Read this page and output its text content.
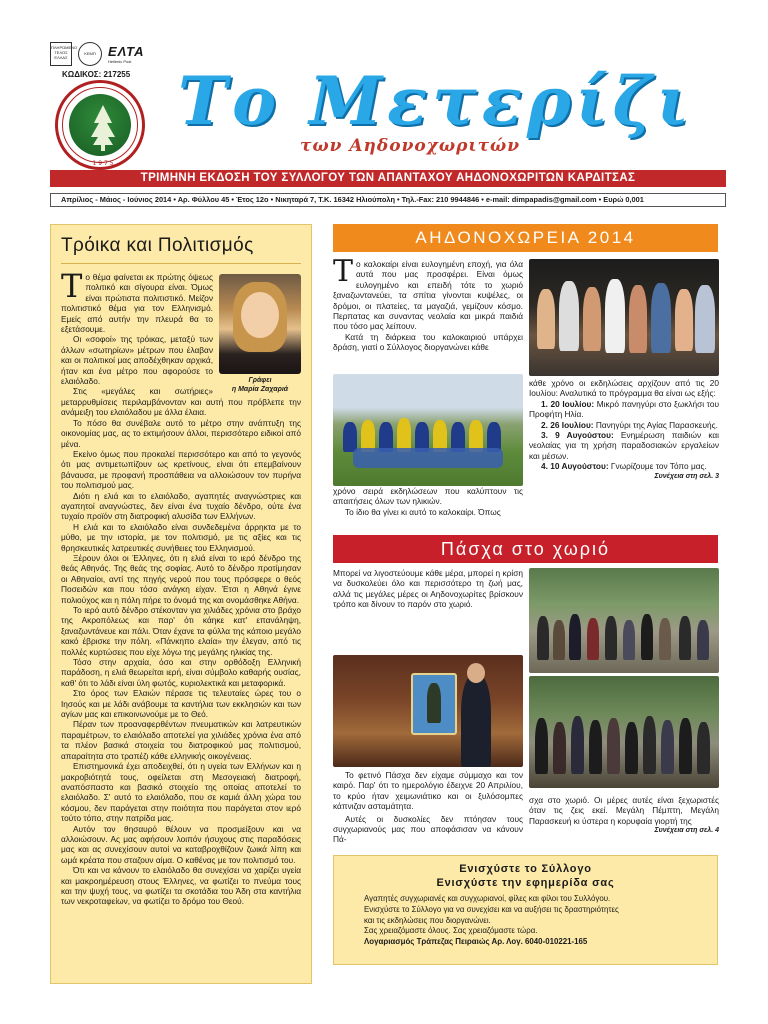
ΠΛΗΡΩΜΕΝΟ ΤΕΛΟΣ ΕΛΛΑΣ
ΚΕΜΠ ΕΛΤΑ
Hellenic Post
ΚΩΔΙΚΟΣ: 217255
1 9 7 5
Το Μετερίζι
των Αηδονοχωριτών
ΤΡΙΜΗΝΗ ΕΚΔΟΣΗ ΤΟΥ ΣΥΛΛΟΓΟΥ ΤΩΝ ΑΠΑΝΤΑΧΟΥ ΑΗΔΟΝΟΧΩΡΙΤΩΝ ΚΑΡΔΙΤΣΑΣ
Απρίλιος - Μάιος - Ιούνιος 2014 • Αρ. Φύλλου 45 • Έτος 12ο • Νικηταρά 7, Τ.Κ. 16342 Ηλιούπολη • Τηλ.-Fax: 210 9944846 • e-mail: dimpapadis@gmail.com • Ευρώ 0,001
Τρόικα και Πολιτισμός
Γράφει
η Μαρία Ζαχαριά
Τ ο θέμα φαίνεται εκ πρώτης όψεως πολιτικό και σίγουρα είναι. Όμως είναι πρώτιστα πολιτιστικό. Μείζον πολιτιστικό θέμα για τον Ελληνισμό. Εμείς από αυτήν την πλευρά θα το εξετάσουμε.

Οι «σοφοί» της τρόικας, μεταξύ των άλλων «σωτηρίων» μέτρων που έλαβαν και οι πολιτικοί μας αποδέχθηκαν αρχικά, ήταν και ένα μέτρο που αφορούσε το ελαιόλαδο.

Στις «μεγάλες και σωτήριες» μεταρρυθμίσεις περιλαμβάνονταν και αυτή που πρόβλεπε την ανάμειξη του ελαιόλαδου με άλλα έλαια.

Το πόσο θα συνέβαλε αυτό το μέτρο στην ανάπτυξη της οικονομίας μας, ας το εκτιμήσουν άλλοι, περισσότερο ειδικοί από μένα.

Εκείνο όμως που προκαλεί περισσότερο και από το γεγονός ότι μας αντιμετωπίζουν ως κρετίνους, είναι ότι επεμβαίνουν βάναυσα, με προφανή προσπάθεια να αλλοιώσουν τον πυρήνα του πολιτισμού μας.

Διότι η ελιά και το ελαιόλαδο, αγαπητές αναγνώστριες και αγαπητοί αναγνώστες, δεν είναι ένα τυχαίο δένδρο, ούτε ένα τυχαίο προϊόν στη διατροφική αλυσίδα των Ελλήνων.

Η ελιά και το ελαιόλαδο είναι συνδεδεμένα άρρηκτα με το μύθο, με την ιστορία, με τον πολιτισμό, με τις αξίες και τις θρησκευτικές λατρευτικές συνήθειες του Ελληνισμού.

Ξέρουν όλοι οι Έλληνες, ότι η ελιά είναι το ιερό δένδρο της θεάς Αθηνάς. Της θεάς της σοφίας. Αυτό το δένδρο προτίμησαν οι Αθηναίοι, αντί της πηγής νερού που τους πρόσφερε ο θεός Ποσειδών και που τόσο ανάγκη είχαν. Έτσι η Αθηνά έγινε πολιούχος και η πόλη πήρε το όνομά της και ονομάσθηκε Αθήνα.

Το ιερό αυτό δένδρο στέκονταν για χιλιάδες χρόνια στο βράχο της Ακροπόλεως και παρ' ότι κάηκε κατ' επανάληψη, ξαναζωντάνευε και πάλι. Όταν έχανε τα φύλλα της κάποιο μεγάλο κακό έβρισκε την πόλη. «Πάνκηπο ελαία» την έλεγαν, από τις πολλές κυρτώσεις που είχε λόγω της μεγάλης ηλικίας της.

Τόσο στην αρχαία, όσο και στην ορθόδοξη Ελληνική παράδοση, η ελιά θεωρείται ιερή, είναι σύμβολο καθαρής ουσίας, καθ' ότι το λάδι είναι ύλη φωτός, κυριολεκτικά και μεταφορικά.

Στο όρος των Ελαιών πέρασε τις τελευταίες ώρες του ο Ιησούς και με λάδι ανάβουμε τα καντήλια των εκκλησιών και των αγίων μας και επικοινωνούμε με το Θεό.

Πέραν των προαναφερθέντων πνευματικών και λατρευτικών παραμέτρων, το ελαιόλαδο αποτελεί για χιλιάδες χρόνια ένα από τα πλέον βασικά στοιχεία του διατροφικού μας πολιτισμού, απαραίτητα στο τραπέζι κάθε ελληνικής οικογένειας.

Επιστημονικά έχει αποδειχθεί, ότι η υγεία των Ελλήνων και η μακροβιότητά τους, οφείλεται στη Μεσογειακή διατροφή, αναπόσπαστο και βασικό στοιχείο της οποίας αποτελεί το ελαιόλαδο. Σ' αυτό το ελαιόλαδο, που σε καμιά άλλη χώρα του κόσμου, δεν παράγεται στην ποιότητα που παράγεται στον ιερό τούτο τόπο, στην πατρίδα μας.

Αυτόν τον θησαυρό θέλουν να προσμείξουν και να αλλοιώσουν. Ας μας αφήσουν λοιπόν ήσυχους στις παραδόσεις μας και ας συνεχίσουν αυτοί να καταβροχθίζουν ζωικά λίπη και ωμά κρέατα που σταζουν αίμα. Ο καθένας με τον πολιτισμό του.

Ότι και να κάνουν το ελαιόλαδο θα συνεχίσει να χαρίζει υγεία και μακροημέρευση στους Έλληνες, να φωτίζει το πνεύμα τους και την ψυχή τους, να φωτίζει τα σκοτάδια του Άδη στα καντήλια των νεκροταφείων, να φωτίζει το δρόμο του Θεού.

ΑΗΔΟΝΟΧΩΡΕΙΑ 2014
Τ ο καλοκαίρι είναι ευλογημένη εποχή, για όλα αυτά που μας προσφέρει. Είναι όμως ευλογημένο και επειδή τότε το χωριό ξαναζωντανεύει, τα σπίτια γίνονται κυψέλες, οι δρόμοι, οι πλατείες, τα μαγαζιά, γεμίζουν κόσμο. Περπατας και συναντας νεολαία και μικρά παιδιά που τόσο μας λείπουν.
Κατά τη διάρκεια του καλοκαιριού υπάρχει δράση, γιατί ο Σύλλογος διοργανώνει κάθε
χρόνο σειρά εκδηλώσεων που καλύπτουν τις απαιτήσεις όλων των ηλικιών.
Το ίδιο θα γίνει κι αυτό το καλοκαίρι. Όπως
κάθε χρόνο οι εκδηλώσεις αρχίζουν από τις 20 Ιουλίου: Αναλυτικά το πρόγραμμα θα είναι ως εξής:
1. 20 Ιουλίου: Μικρό πανηγύρι στο ξωκλήσι του Προφήτη Ηλία.
2. 26 Ιουλίου: Πανηγύρι της Αγίας Παρασκευής.
3. 9 Αυγούστου: Ενημέρωση παιδιών και νεολαίας για τη χρήση παραδοσιακών εργαλείων και μέσων.
4. 10 Αυγούστου: Γνωρίζουμε τον Τόπο μας.
Συνέχεια στη σελ. 3
Πάσχα στο χωριό
Μπορεί να λιγοστεύουμε κάθε μέρα, μπορεί η κρίση να δυσκολεύει όλο και περισσότερο τη ζωή μας, αλλά τις μεγάλες μέρες οι Αηδονοχωρίτες βρίσκουν τρόπο και δίνουν το παρόν στο χωριό.
Το φετινό Πάσχα δεν είχαμε σύμμαχο και τον καιρό. Παρ' ότι το ημερολόγιο έδειχνε 20 Απριλίου, το κρύο ήταν χειμωνιάτικο και οι ξυλόσομπες κάπνιζαν ασταμάτητα.
Αυτές οι δυσκολίες δεν πτόησαν τους συγχωριανούς μας που αποφάσισαν να κάνουν Πά-
σχα στο χωριό. Οι μέρες αυτές είναι ξεχωριστές όταν τις ζεις εκεί. Μεγάλη Πέμπτη, Μεγάλη Παρασκευή κι ύστερα η κορυφαία γιορτή της
Συνέχεια στη σελ. 4
Ενισχύστε το Σύλλογο
Ενισχύστε την εφημερίδα σας
Αγαπητές συγχωριανές και συγχωριανοί, φίλες και φίλοι του Συλλόγου.
Ενισχύστε το Σύλλογο για να συνεχίσει και να αυξήσει τις δραστηριότητες
και τις εκδηλώσεις που διοργανώνει.
Σας χρειαζόμαστε όλους. Σας χρειαζόμαστε τώρα.
Λογαριασμός Τράπεζας Πειραιώς Αρ. Λογ. 6040-010221-165
